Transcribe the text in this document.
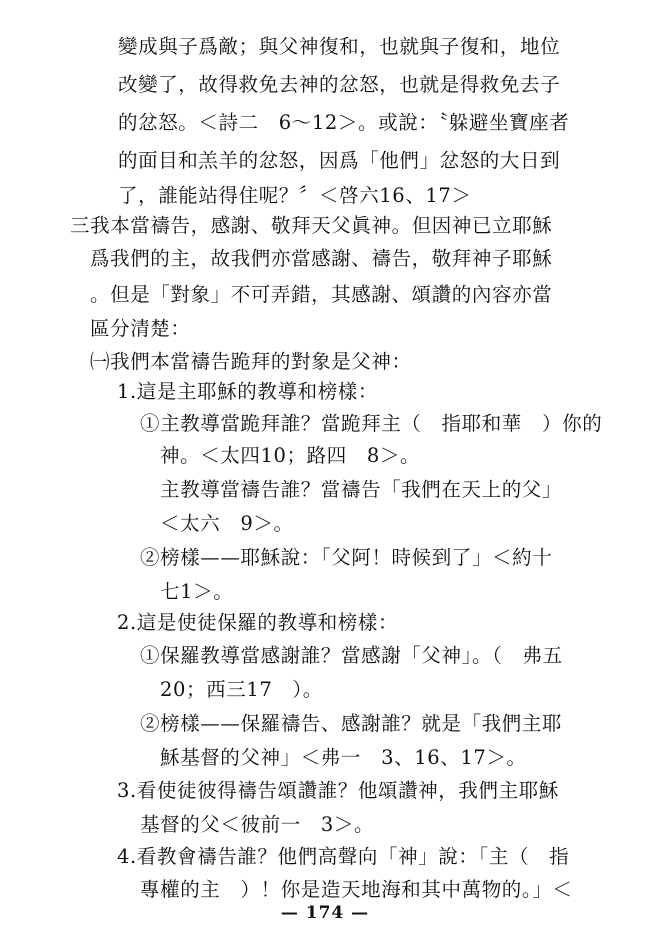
變成與子爲敵；與父神復和，也就與子復和，地位
改變了，故得救免去神的忿怒，也就是得救免去子
的忿怒。＜詩二　6～12＞。或說：〝躲避坐寶座者
的面目和羔羊的忿怒，因爲「他們」忿怒的大日到
了，誰能站得住呢？〞＜啓六16、17＞
三我本當禱告，感謝、敬拜天父眞神。但因神已立耶穌
爲我們的主，故我們亦當感謝、禱告，敬拜神子耶穌
。但是「對象」不可弄錯，其感謝、頌讚的內容亦當
區分清楚：
㈠我們本當禱告跪拜的對象是父神：
1.這是主耶穌的教導和榜樣：
①主教導當跪拜誰？當跪拜主（　指耶和華　）你的
神。＜太四10；路四　8＞。
主教導當禱告誰？當禱告「我們在天上的父」
＜太六　9＞。
②榜樣——耶穌說：「父阿！時候到了」＜約十
七1＞。
2.這是使徒保羅的教導和榜樣：
①保羅教導當感謝誰？當感謝「父神」。（　弗五
20；西三17　）。
②榜樣——保羅禱告、感謝誰？就是「我們主耶
穌基督的父神」＜弗一　3、16、17＞。
3.看使徒彼得禱告頌讚誰？他頌讚神，我們主耶穌
基督的父＜彼前一　3＞。
4.看教會禱告誰？他們高聲向「神」說：「主（　指
專權的主　）！你是造天地海和其中萬物的。」＜
— 174 —
